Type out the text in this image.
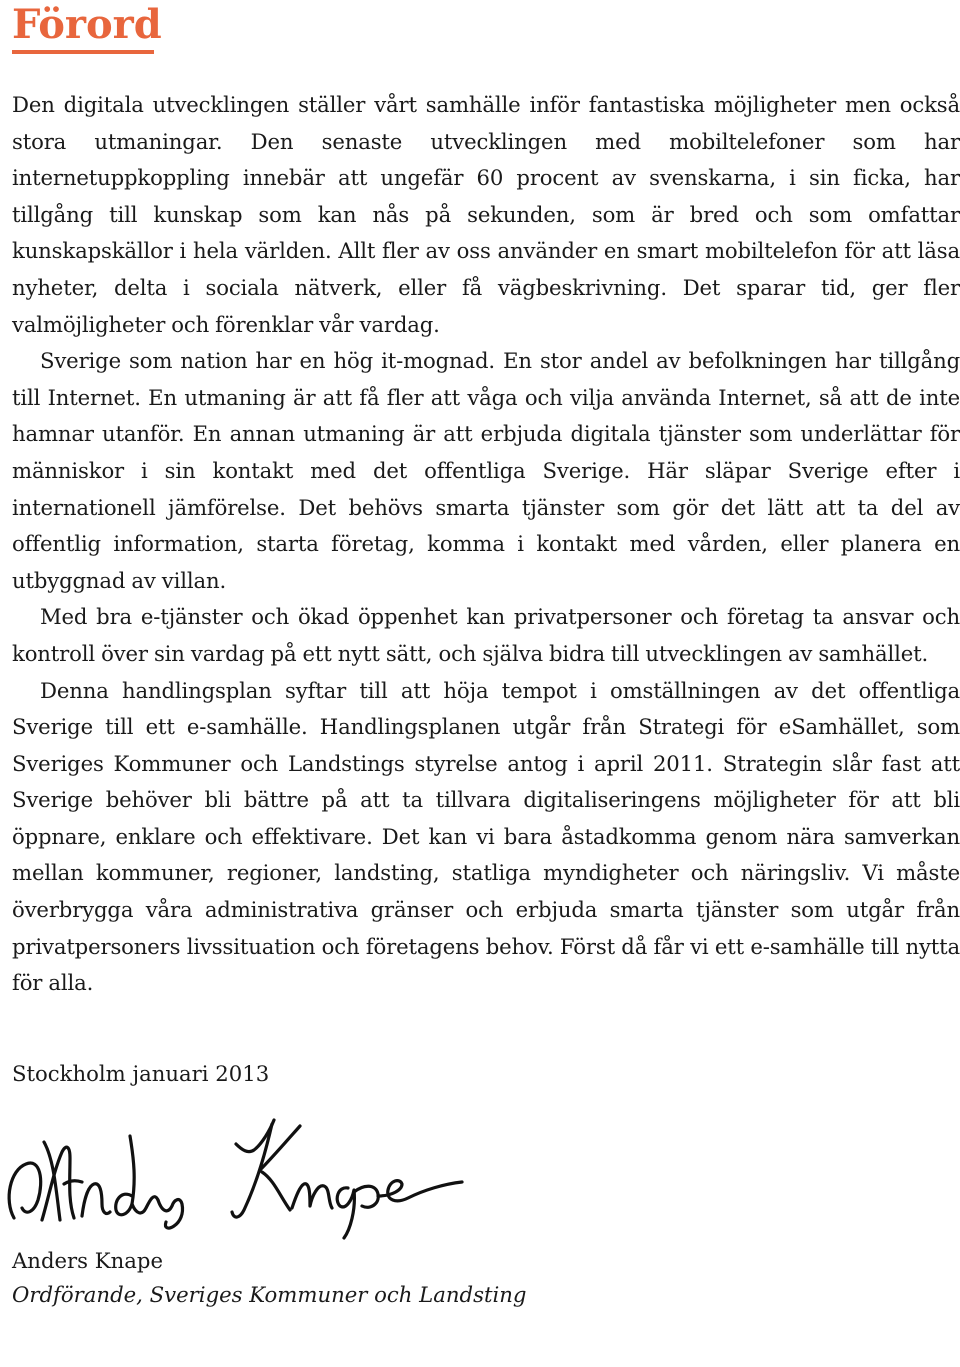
Förord

Den digitala utvecklingen ställer vårt samhälle inför fantastiska möjligheter men också stora utmaningar. Den senaste utvecklingen med mobiltelefoner som har internetuppkoppling innebär att ungefär 60 procent av svenskarna, i sin ficka, har tillgång till kunskap som kan nås på sekunden, som är bred och som omfattar kunskapskällor i hela världen. Allt fler av oss använder en smart mobiltelefon för att läsa nyheter, delta i sociala nätverk, eller få vägbeskrivning. Det sparar tid, ger fler valmöjligheter och förenklar vår vardag.

Sverige som nation har en hög it-mognad. En stor andel av befolkningen har tillgång till Internet. En utmaning är att få fler att våga och vilja använda Internet, så att de inte hamnar utanför. En annan utmaning är att erbjuda digitala tjänster som underlättar för människor i sin kontakt med det offentliga Sverige. Här släpar Sverige efter i internationell jämförelse. Det behövs smarta tjänster som gör det lätt att ta del av offentlig information, starta företag, komma i kontakt med vården, eller planera en utbyggnad av villan.

Med bra e-tjänster och ökad öppenhet kan privatpersoner och företag ta ansvar och kontroll över sin vardag på ett nytt sätt, och själva bidra till utvecklingen av samhället.

Denna handlingsplan syftar till att höja tempot i omställningen av det offentliga Sverige till ett e-samhälle. Handlingsplanen utgår från Strategi för eSamhället, som Sveriges Kommuner och Landstings styrelse antog i april 2011. Strategin slår fast att Sverige behöver bli bättre på att ta tillvara digitaliseringens möjligheter för att bli öppnare, enklare och effektivare. Det kan vi bara åstadkomma genom nära samverkan mellan kommuner, regioner, landsting, statliga myndigheter och näringsliv. Vi måste överbrygga våra administrativa gränser och erbjuda smarta tjänster som utgår från privatpersoners livssituation och företagens behov. Först då får vi ett e-samhälle till nytta för alla.

Stockholm januari 2013
Anders Knape
Ordförande, Sveriges Kommuner och Landsting
